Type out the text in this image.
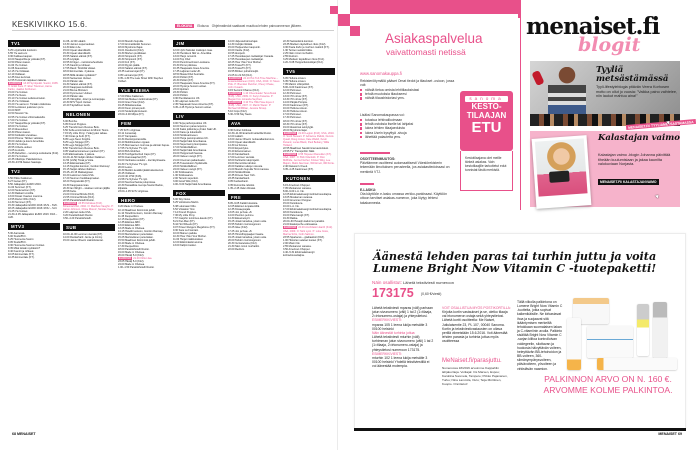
KESKIVIIKKO 15.6.	ELOKUVA	Elokuva Ohjelmatiedot saattavat muuttua lehden painoonmenon jälkeen.
TV1
6.25 Löytöretkiä luontoon.
6.55 Yle aamu-tv.
9.30 Kaikkea kaupan.
10.00 Naapuriltta ja ystävää (KT).
10.50 Pilvien kasvo.
11.00 Yle Uutiset.
11.05 Alueuutiset.
12.15 Yle Oddasat.
12.19 Oddasat.
12.35 Koet kertovat.
12.55 Tuntomän taipaleen takana.
ELOKUVA 13.28 Syntipukki. Suomi, 1935. O: Erkki Karu. P: Eber Toivonen, Aarne Kartio, Jaakko Korhonen.
15.00 Yle Uutiset.
15.05 Yle News.
15.10 Yle Uutiset selkosuomeksi.
15.15 Yle Oddasat.
15.20 Yle aamu-tv: Tänään otsikoissa.
15.50 Lentävien jeskovien puru.
16.00 MOT.
16.50 Novosti Yle.
16.55 Yle Uutiset viittomakielellä.
17.00 Yle Uutiset.
17.07 Naapuriltta ja ystävää (KT).
18.00 Yle Uutiset.
18.13 Alueuutiset.
18.30 Pilvien kasvo.
18.50 Kotikokki vieraiisee.
19.00 Prisma: Tähtien valoissa.
20.00 Jarkko ja kuuro Amerikka.
20.30 Yle Uutiset.
20.55 Urheilu-uutiset.
21.05 A-studio.
21.35 Rebellion – veretä ja suitsuketta (K12).
22.30 Yle Uutiset.
22.35 Ulkolinja: Pakolaisinnes.
23.30–23.59 Alaiset haastaja.
TV2
6.50 Pikku Kakkonen.
8.27 Geisei (KT).
8.50 Jalkapallon EURO 2016.
11.00 Summeri (KT).
12.00 Sudenarinen (KT).
12.30 Rakkarit voorilla.
13.00 Kissat: Kaarien mamma.
13.55 Doctor Who (K12).
14.30 Summeri (KT).
15.30 Jalkapallon EURO 2016: RUS – SVK.
18.25 Jalkapallon EURO 2016: ROU – SUI.
21.25 Yle Uutiset.
21.30–0.05 Jalkapallon EURO 2016: FRA – ALB.
MTV3
5.30 Aamusää.
6.00 Studio55.fi.
6.25 Huomenta Suomi.
9.05 Studio55.fi.
9.30 Huomenta Suomen Uutiset.
9.35 Mikä tänään syötäisiin?
9.40 Kauniit ja rohkeat.
10.05 Emmerdale (KT).
10.35 Emmerdale (KT).
11.05–12.00 Läkärit.
13.30 Jamien supervaukset.
14.30 Elisn Life.
15.00 Upeat skandikodit.
15.30 Upeat skandikodit.
15.55 Salatut elämät (KT).
16.25 Löytäjät.
16.55 Frinlger – rantotorsehevittelä.
17.25 Kauniit ja rohkeat.
17.55 Rautt: Totobiltä vitäset.
18.00 Emmerdale. 2 jaksoa.
18.55 Millä tänään syötäisiin?
19.00 Seitsemän Uutiset.
19.20 Päivän sää.
19.30 Salatut elämät (KT).
20.00 Kaappaus kettilövät.
21.00 Bouva Ministeri.
22.00 Kymmenen Uutiset.
22.20 Päivän sää.
22.25 Vikinglitto, Joteri ja Lomanpaja.
22.30 MTV Sport Uutiset.
22.40 Täydellinen keslä.
NELONEN
6.00 Bumba.
6.05 Pound Puppies.
6.25 Transformers Rescue Bots.
6.50 Sofia ensimmäinen & Minnin Tsons.
7.15 My Little Pony: Ystävyyden taikaa.
7.40 Finias ja Ferb (KT).
8.05 Lego Nexo Knights.
8.25 Lego Ninjago (KT).
8.35 Lego Ninjago (KT).
8.50 Transformers Rescue Bots.
9.05 Vaalinarvonaineen pantteri (KT).
9.20 Eläinsairaala. 2 jaksoa.
10.20–11.50 Nelijän tähden Iltaläinen.
11.50 (LIVE) Tinää ja Voita.
13.45 Eläinsairaala (KT).
14.15 Kuppilat kuntoon, Gordon Ramsay!
15.15 Neljän tähden illallinen.
15.45–16.15 Matkaoppaat.
16.20 Ladonnen Iusta USA.
17.20 Suomen huotkkaupnaiset.
18.20 Huippukokki (KT).
19.30 Kauppasuunnas.
20.30 Ian Wright – sisäisen voiman jäljillä.
20.58 Kelia.
21.00 Criminal Minds (K16).
21.55 Criminal Minds (K16).
22.55 Paratiisihotelli Ruotsi.
ELOKUVA 23.55 Kidnikas (K16). Britannia/USA, 2010. O: Matthew Vaughn. P: Aaron Johnson, Chloe Moretz, Nicolas Cage.
2.20 Laljonan tuola USA.
3.20 Paratiisihotelli Ruotsi.
3.50–4.20 Paratiisihotelli.
SUB
10.00–11.00 Lemmen viemää (KT).
14.00 Ruokarharit: Jamie ja Jimmy.
15.00 Jamie Oliverin vääntötoleniat.
16.00 Muodin huipulla.
17.00 Ammattikokki Sucocen.
18.00 Mystinmurhajat.
19.01 Duudsonit (K12).
19.30 Miehen puolikkaat.
20.00 Simpsonit (KT).
20.30 Simpsonit (KT).
21.00 112 (KT).
22.00 Ryyän päälä.
23.00 Salatut elämät (KT).
23.35 Lainvarvojat (KT).
0.05 Lainvarvojat (KT).
0.35–1.30 The Late Show With Stephen Colbert.
YLE TEEMA
17.00 Pikku Kakkonen.
18.00 Isä Matteen tutkimuksia (KT).
19.00 Gran Hotel (K12).
19.45 Mittattavuutaa.
20.00 Kuun pimeä puoli.
21.00 Sodankylä ikuisesti.
23.00–0.00 Miljus (KT).
FEM
7.25 SirTv origimaa.
16.11 Junasinaji.
16.27 Kampaatu.
16.34 Ruotsinjuntarosilla.
16.40 Mobilitusoden oppaat.
17.25 Monnaemen murrusa ja elämän hapua.
17.55 Yle Nyheter TV-nytt.
18.00 BUU-klubben.
18.30 Toothgartta Red Caps (KT).
18.54 Avarusaaphat (KT).
19.00 Vanhasta uudeksi – kierrätyshaaste.
19.30 Yle Nyheter TV-nytt.
20.00 Lessu.
20.30 Mettkin kesällut jääkiruskeisteruot.
20.45 Oddasat.
21.00 40 1790 (K16).
21.58 Yle Nyheter TV-nytt.
22.00 Nuortuurhamia puluprossa.
22.30 Taivaallisia menoja Sveitsi Rados, kilpaisia.
23.00–1.05 SirTv origimaa.
HERO
9.20 Made in Chelsea.
10.10 Maailman lisinimmät jahdit.
11.10 Hotellit kuntoon, Gordon Ramsay.
11.45 Deopedition.
12.15 Deopedition (KT).
12.35 Eläintes ABC.
13.00 Eläintes ABC.
13.25 Made in Chelsea.
14.15 Hotellit kuntoon, Gordon Ramsay.
15.00 Meristelänen peiteriakan.
15.25 Meristelänen peiteriakan.
15.50 Maailman lisinimmät jahdit.
16.40 Made in Chelsea.
17.30 Deopedition.
18.00 Paratiisihotelli Ruotsi.
19.00 Made in Chelsea.
20.00 Häväji 5-0 (K12).
ELOKUVA 21.00 Kiiltut Jaa.
23.05 Häväji 5-0 (K12).
24.00 Made in Chelsea.
1.00–1.50 Paratiisihotelli Ruotsi.
JIM
12.00 Jyrki Sukulan matkojen maa.
12.30 Henkka & Niki vs. Amerikka.
13.00 Harjo remontti.
14.00 Top Chef.
15.00 Pennitmarrinsio Louisiana.
15.30 Pomo piiloissa.
16.35 Haapasalo Goes America.
17.35 Laljonan tuola UK.
18.50 MasterChef Australia.
20.00 Poliisit (KT).
20.30 Poliisit (KT).
21.00 Haapasalo Goes America (KT).
22.00 Hyvät ja huonot uutiset.
23.00 Ajoittari.
23.30 Poliisit.
24.00 Poliisit.
0.30 Pientilaisanmo UK.
1.30 Laljonan tuola UK.
2.45 Haapasalo Goes America (KT).
3.45–4.45 Hyvät ja huonot uutiset.
LIV
9.00 Hurja paihonpudotus UK.
10.00 Suomen paras leipomo.
11.00 Kaksi juikkinla ja yhden häät UK.
12.00 Kaisu ja lukuokodit.
13.00 Sinkkuatmesen.
14.00 Hurja painonpudotus UK.
15.00 Neljät häät Amerikassa.
16.00 Supernanny Europassa.
17.00 Sinkkuillallinen.
18.00 Neljät häät Amerikassa.
19.00 Huippumalli haussa.
20.00 Vaiteen vangit (KT).
21.00 Unennan paikanleaito.
22.35 Tutevatussin Sydämellä.
23.00 Sinkkuillallinen.
24.00 Vaiteen vangit (KT).
1.00 Sinkkuaarva.
1.30 Sinkkuaarva.
2.00 Tamoin superkoti.
3.00 Good Wife (K12).
4.00–5.00 Neljät häät Amerikassa.
FOX
6.00 Sky News.
6.25 Veltoksora Martin.
6.38 Lalumaan Niltu.
6.52 Viisiakon Yksi.
7.14 Pound Puppies.
7.36 My Little Pony.
7.57 Casjohn tumimtes-kaudu (KT).
8.21 Pac-Man (KT).
8.44 Hot Wheels (KT).
9.07 Power Rangers Megaforce (KT).
9.30 Sara La Fountain.
10.00 Mainen paikka.
10.30 How I Met Your Mother.
11.00 Hurjat mäkkiuraksat.
12.00 Eläinmäärät anoma.
13.00 Kallpin kuskut.
68 MENAISET
14.00 Järjestelmämurtajat.
14.30 Uubijän liikiäitä.
15.00 Hudjeeriden kaupunki.
16.00 Castle (K12).
16.55 Aivopelit.
17.25 Huutokaupan mellaskijat: Kanada.
17.55 Huutokaupan mellaskijat.
18.25 How I Met Your Mother.
18.55 TossaTV (KT).
19.25 TossaTV (KT).
19.55 Brittien puhalnmuijitt.
21.05 11.22.63 (K12).
ELOKUVA 22.10 Hot Tub Time Machine – kesanteiskaineen (K16). USA, 2010. O: Steve Pink. P: Brendan Fletcher, Chevy Chase, John Cusack.
0.15 Second Chance (K12).
ELOKUVA 1.10 Cheerleader Tervehtuvä (K16). USA, 2009. O: Karyn Kusama. P: Megan Fox, Amanda Seyfried.
ELOKUVA 3.10 The Hills Have Eyes 2 (K18). USA, 2007. O: Martin Weisz. P: Michael McMillian, Jessica Stroup.
5.10 Cops (K12).
5.30–5.59 Sky News.
AVA
9.30 Kotiret holtitusa.
10.30–11.00 Enatriettit aittarilla Ruotsi.
12.00 Läkärit.
13.00 Jamie Oliverin ruokavallankumous.
14.00 Upeat skandikodit.
14.30 Lä Sinnies.
15.00 Enpeinlytus.
15.40 Ertsoomainen.
16.40 Kardashianit.
17.00 Lemmen viemää.
18.00 Kehitetön taloprojekti.
19.00 Remonttia rahoksi.
20.00 Kaikkien aikojen sisusta.
21.00 Muodin huipulla Timin kanssa.
22.00 Sinkkuillimää.
22.35 Fitness New York.
23.35 Kardashianit.
0.05 Kardashianit.
0.35 Remonttia rahoksi.
1.35–2.45 Valan tilmaiat.
FRII
8.05–9.05 Kaikki kissoista.
12.05 Eläinten lenpakentillä.
12.35 Kissaejuujala.
13.05 Jon ja Kate +8.
14.00 Pienitun perinne.
14.30 Eksametsyrit.
15.25 Jotain lainattua, jotain uutta.
15.55 Tahdon morsiusgovuni.
16.25 Glee (K12).
17.25 Jon ja Kate +8.
18.25 Himodhoppaajien haaste.
19.25 Jotain lainattua, jotain uutta.
20.00 Tahdon morsiusgovuni.
20.30 Verisutelusta (K12).
21.30 Näin minut murhattiin.
22.00 Redrum.
22.30 Seksielämä kuntoon.
23.35 Mielkein täydellinen rikos (K12).
0.30 Paula Zahn ja murhien mattinli (KT).
1.30 Teinien seksikrinikka.
2.25 Näin minut murhattiin.
2.55 Redrum.
3.25 Mielkein täydellinen rikos (K12).
4.20–5.08 Huippurikostutkijat (K12).
TV5
6.05 Hulluna sinuun.
6.35 Hulluna sinuun.
7.05 Mainin viiltopoliisit.
8.00–9.00 Kadonneet (KT).
12.00 Pulmuset.
12.30 Pulmuset.
13.00 70's show (KT).
13.30 70's show (KT).
14.00 Pärjää Pompia.
15.00 Kadonneet (KT).
16.00 Hulluna sinuun.
16.30 Hulluna sinuun.
17.00 Pulmuset.
17.30 Pulmuset.
18.00 70's show (KT).
18.30 70's show (KT).
19.00 Alastomat selviytyjät.
20.00 Myytinmurtajat.
ELOKUVA 21.00 Legion (K16). USA, 2010. O: Scott Stewart. P: Adrianne Palicki, Dennis Quaid, Doug Jones, Kate Walsh, Kevin Durand, Lucas Black, Paul Bettany, Willa Holland.
22.55 Maailman hauskimmat autovideot.
23.55 TV: Transporttin Näät.
ELOKUVA 0.55 Hopeset Rauvullen (K7). USA, 2007. O: Bob Odenkirk. P: Don McBride, Jenna Fischer, Kristen Wiig, Lee Majors, Malin Akerman, Will Arnett, Will Forte.
2.40 Dawson's Creek.
3.35–4.25 Kadonneet (KT).
KUTONEN
6.15 American Chopper.
7.05 Muskarvan varassa.
8.00–9.00 L.A. Ink.
12.05 Ehdonalaisvangit kolmiehousultajina.
13.05 Muskarvan varassa.
14.00 American Chopper.
15.00 Kuitokuura.
16.00 L.A. Ink.
17.00 Ehdonalaisvangit kolmiehousultajina.
18.00 Kuitokuura.
19.00 Paluuvangit (KT).
19.30 Rakka.
20.00–60 Havaijin kadonnut paratiisi.
21.00 Esakoperhe erämaassa.
ELOKUVA 22.00 Annihilation Earth (K12). USA, 2009. O: Nick Lyon. P: Luke Goss, Marina Sirtis, Colin Salmon.
23.55 Spartacus – gladiaattori (K18).
1.00 Historian selaiset kuoset (KT).
2.00 Miami Ink.
2.55 Muskarvan varassa.
3.50 American Chopper.
4.40–5.31 Ehdonalaisvangit kolmiehousultajina.
Asiakaspalvelua
vaivattomasti netissä
www.sanomakauppa.fi
Rekisteröitymällä pääset Omat tiedot ja tilaukset -osioon, jossa voit:
nähdä tietoa omista lehtitilauksistasi
tehdä muutoksia tilaukseesi
nähdä tilaushistoriasi yms.
Lisäksi Sanomakaupassa voi:
tutustua lehtivalikoimaan
tehdä ostoksia itselle tai lahjaksi
lukea lehtien tilaajaeduista
lukea Usein kysyttyä -sivuja
lähettää palautetta yms.
OSOITTEENMUUTOS:
Päivitämme osoitteesi automaattisesti Väestörekisterin tekemään ilmoituksen perusteella, jos asiakastiedoissasi on merkintä VTJ.
E-LASKU:
Ota käyttöön e-lasku omassa verkko-pankissasi. Käyttöön ottoon tarvitset asiakas-numeron, joka löytyy lehtesi takakannesta.
sanoma
KESTO-
TILAAJAN
ETU
Kestotilaajana olet meille tärkeä asiakas. Vain kestotilaajille tarkoitetut edut tunnistat tästä merkistä.
menaiset.fi
blogit
Tyyliä metsästämässä
Tyyli-lifestyleblogia pitävän Veera Korhosen motto on ollut jo vuosia: "Vaikka paino vaihtelee, niin laukut mahtuu aina!"
MENAISET.FI/ TYYLIAMETSASTAMASSA
Kalastajan vaimo
Kalastajan vaimo -blogin Johanna päivittää tiheään kuulumisiaan ja jakaa kaunilta valokuviaan Norjasta.
MENAISET.FI/ KALASTAJANVAIMO
Äänestä lehden paras tai turhin juttu ja voita Lumene Bright Now Vitamin C -tuotepaketti!
Näin osallistut: Lähetä tekstiviesti numeroon
173175 (0,60 €/viesti)
Lähetä tekstiviesti mparas (väli) parhaan jutun sivunumero (väli) 1 tai 2 (1=tilaaja, 2=irtonumero-ostaja) ja yhteystietosi.
ESIMERKKIVIESTI:
mparas 105 1 leena lukija metsätie 3 00100 helsinki
Näin äänestät turhinta juttua:
Lähetä tekstiviesti mturhin (väli) turhimman jutun sivunumero (väli) 1 tai 2 (1=tilaaja, 2=irtonumero-ostaja) ja yhteystietosi numeroon 173175.
ESIMERKKIVIESTI:
mturhin 102 1 leena lukija metsätie 3 00100 helsinki Yhdellä tekstiviestillä ei voi äänestää molempia.
VOIT OSALLISTUA MYÖS POSTIKORTILLA:
Kirjoita kortin vastaukset ja se, oletko tilaaja vai irtonumeron ostaja sekä yhteystietosi. Lähetä kortti osoitteella: Me Naiset, Jutlulaisentie 23, PL 107, 00040 Sanoma. Kortin ja tekstiviestivastausten on oltava perillä viimeistään 15.6.2016. Voit äänestää lehden parasta ja turhinta juttua myös osoitteessa
MeNaiset.fi/parasjuttu.
Numerossa 18/2016 arvoimme Kappahlin lahjakortteja. Voittajat: Iris Marsen, Espoo; Karoliina Suomela, Tampere; Pirkko Pajananen, Turku; Nina Lammila, Oulu; Teija Mörttinen, Kuopio. Onnittelut!
Tällä viikolla palkintona on Lumene Bright Now Vitamin C -tuotteita, jotka sopivat kaikenikäisille. Ne kirkastavat ihoa ja suojaavat sitä ikääntymisen merkeiltä tehokkaan suomalaisen lakan ja C-vitamiinin avulla. Palkinto sisältää Bright Now Vitamin C -sarjan kiiltoa kontrolloivan voidegeelin, silottavan ja huokosia häivyttävän voiteen, heleyttävän BB-tehohoidon ja BB-voiteen, 360-silmänympärysvoiteen, päivävoiteen, yövoiteen ja virkistävän naamion.
PALKINNON ARVO ON N. 160 €.
ARVOMME KOLME PALKINTOA.
MENAISET 69
